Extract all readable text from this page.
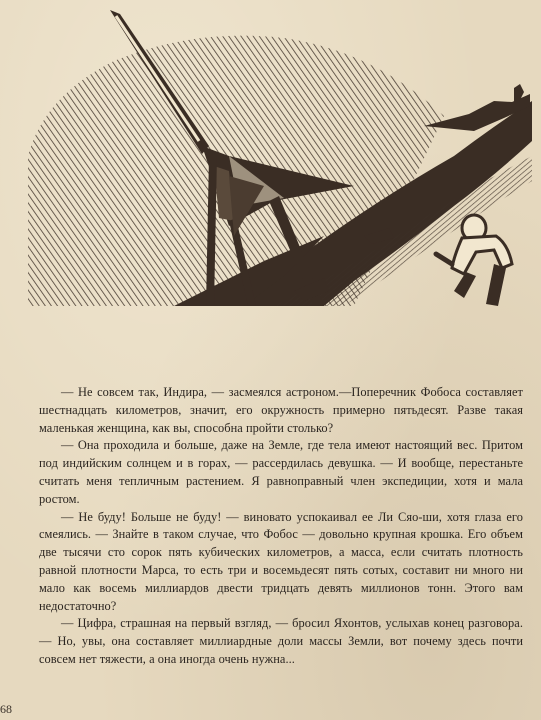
— Не совсем так, Индира, — засмеялся астроном.—Поперечник Фобоса составляет шестнадцать километров, значит, его окружность примерно пятьдесят. Разве такая маленькая женщина, как вы, способна пройти столько?

— Она проходила и больше, даже на Земле, где тела имеют настоящий вес. Притом под индийским солнцем и в горах, — рассердилась девушка. — И вообще, перестаньте считать меня тепличным растением. Я равноправный член экспедиции, хотя и мала ростом.

— Не буду! Больше не буду! — виновато успокаивал ее Ли Сяо-ши, хотя глаза его смеялись. — Знайте в таком случае, что Фобос — довольно крупная крошка. Его объем две тысячи сто сорок пять кубических километров, а масса, если считать плотность равной плотности Марса, то есть три и восемьдесят пять сотых, составит ни много ни мало как восемь миллиардов двести тридцать девять миллионов тонн. Этого вам недостаточно?

— Цифра, страшная на первый взгляд, — бросил Яхонтов, услыхав конец разговора. — Но, увы, она составляет миллиардные доли массы Земли, вот почему здесь почти совсем нет тяжести, а она иногда очень нужна...

68
